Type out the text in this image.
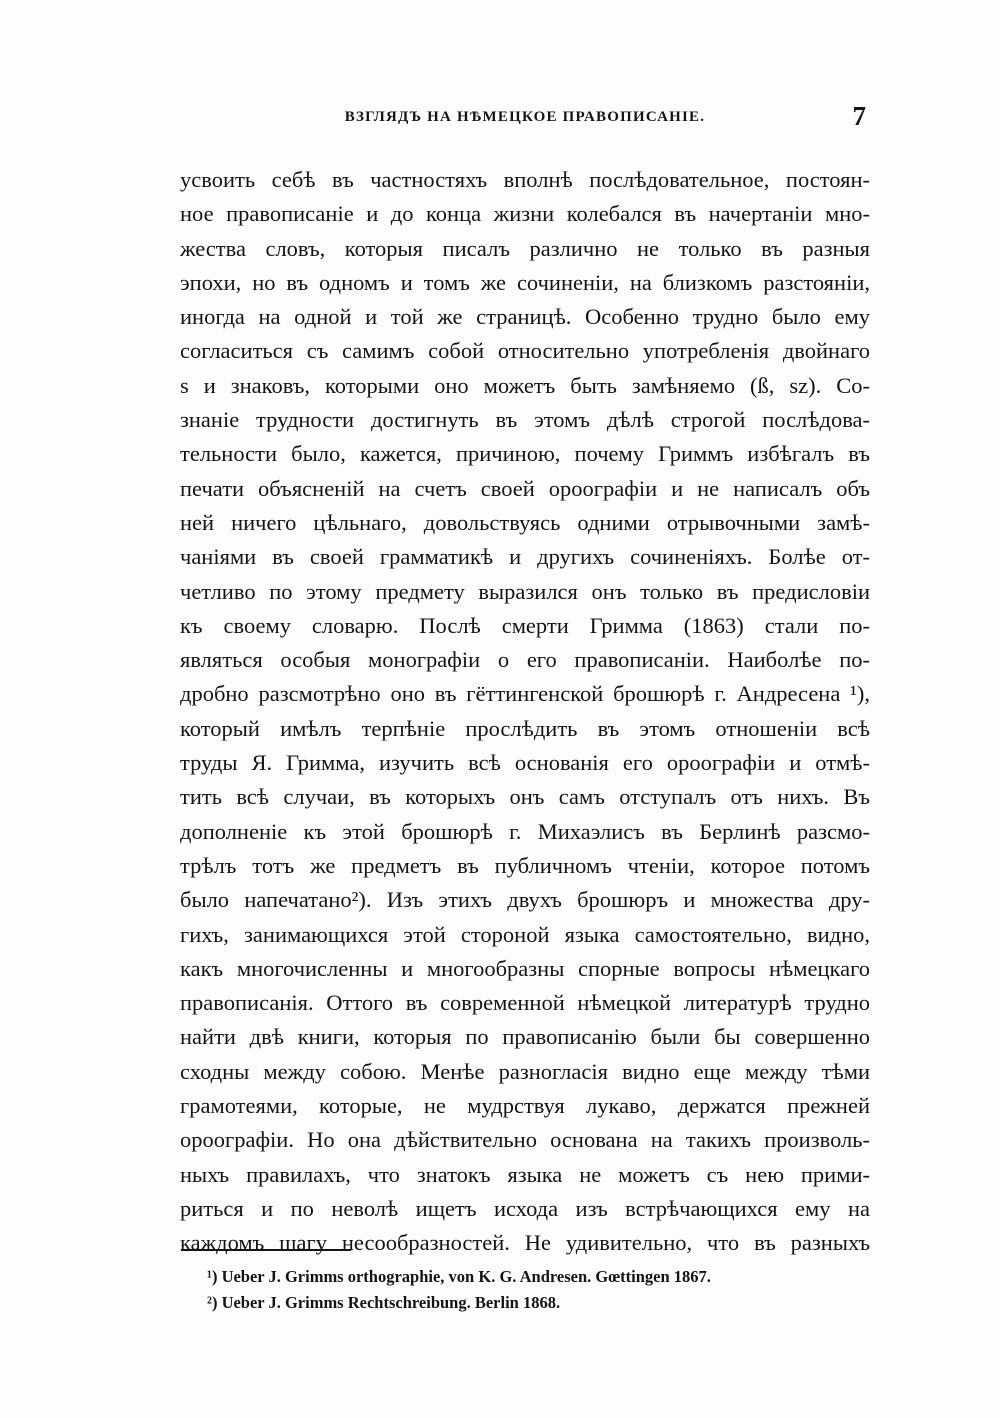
ВЗГЛЯДЪ НА НѢМЕЦКОЕ ПРАВОПИСАНІЕ.	7
усвоить себѣ въ частностяхъ вполнѣ послѣдовательное, постоян-
ное правописаніе и до конца жизни колебался въ начертаніи мно-
жества словъ, которыя писалъ различно не только въ разныя
эпохи, но въ одномъ и томъ же сочиненіи, на близкомъ разстояніи,
иногда на одной и той же страницѣ. Особенно трудно было ему
согласиться съ самимъ собой относительно употребленія двойнаго
s и знаковъ, которыми оно можетъ быть замѣняемо (ß, sz). Со-
знаніе трудности достигнуть въ этомъ дѣлѣ строгой послѣдова-
тельности было, кажется, причиною, почему Гриммъ избѣгалъ въ
печати объясненій на счетъ своей ороографіи и не написалъ объ
ней ничего цѣльнаго, довольствуясь одними отрывочными замѣ-
чаніями въ своей грамматикѣ и другихъ сочиненіяхъ. Болѣе от-
четливо по этому предмету выразился онъ только въ предисловіи
къ своему словарю. Послѣ смерти Гримма (1863) стали по-
являться особыя монографіи о его правописаніи. Наиболѣе по-
дробно разсмотрѣно оно въ гёттингенской брошюрѣ г. Андресена ¹),
который имѣлъ терпѣніе прослѣдить въ этомъ отношеніи всѣ
труды Я. Гримма, изучить всѣ основанія его ороографіи и отмѣ-
тить всѣ случаи, въ которыхъ онъ самъ отступалъ отъ нихъ. Въ
дополненіе къ этой брошюрѣ г. Михаэлисъ въ Берлинѣ разсмо-
трѣлъ тотъ же предметъ въ публичномъ чтеніи, которое потомъ
было напечатано²). Изъ этихъ двухъ брошюръ и множества дру-
гихъ, занимающихся этой стороной языка самостоятельно, видно,
какъ многочисленны и многообразны спорные вопросы нѣмецкаго
правописанія. Оттого въ современной нѣмецкой литературѣ трудно
найти двѣ книги, которыя по правописанію были бы совершенно
сходны между собою. Менѣе разногласія видно еще между тѣми
грамотеями, которые, не мудрствуя лукаво, держатся прежней
ороографіи. Но она дѣйствительно основана на такихъ произволь-
ныхъ правилахъ, что знатокъ языка не можетъ съ нею прими-
риться и по неволѣ ищетъ исхода изъ встрѣчающихся ему на
каждомъ шагу несообразностей. Не удивительно, что въ разныхъ
¹) Ueber J. Grimms orthographie, von K. G. Andresen. Gœttingen 1867.
²) Ueber J. Grimms Rechtschreibung. Berlin 1868.
